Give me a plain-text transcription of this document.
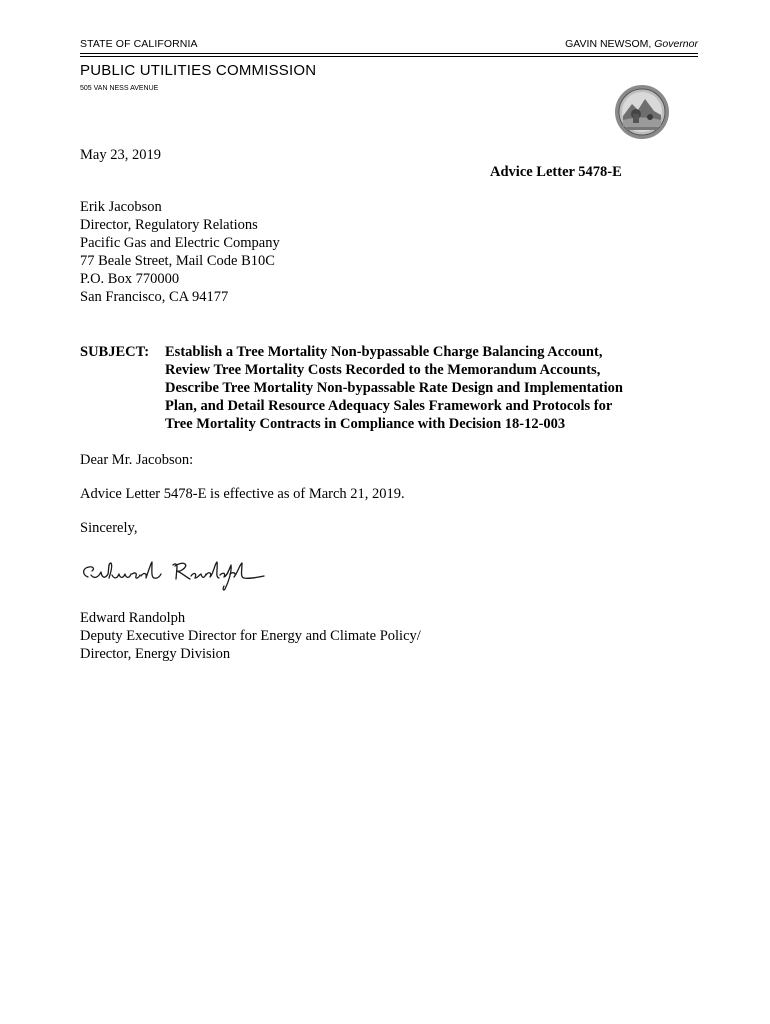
STATE OF CALIFORNIA	GAVIN NEWSOM, Governor
PUBLIC UTILITIES COMMISSION
505 VAN NESS AVENUE
May 23, 2019
Advice Letter 5478-E
Erik Jacobson
Director, Regulatory Relations
Pacific Gas and Electric Company
77 Beale Street, Mail Code B10C
P.O. Box 770000
San Francisco, CA 94177
SUBJECT: Establish a Tree Mortality Non-bypassable Charge Balancing Account,
Review Tree Mortality Costs Recorded to the Memorandum Accounts,
Describe Tree Mortality Non-bypassable Rate Design and Implementation
Plan, and Detail Resource Adequacy Sales Framework and Protocols for
Tree Mortality Contracts in Compliance with Decision 18-12-003
Dear Mr. Jacobson:
Advice Letter 5478-E is effective as of March 21, 2019.
Sincerely,
Edward Randolph
Deputy Executive Director for Energy and Climate Policy/
Director, Energy Division
